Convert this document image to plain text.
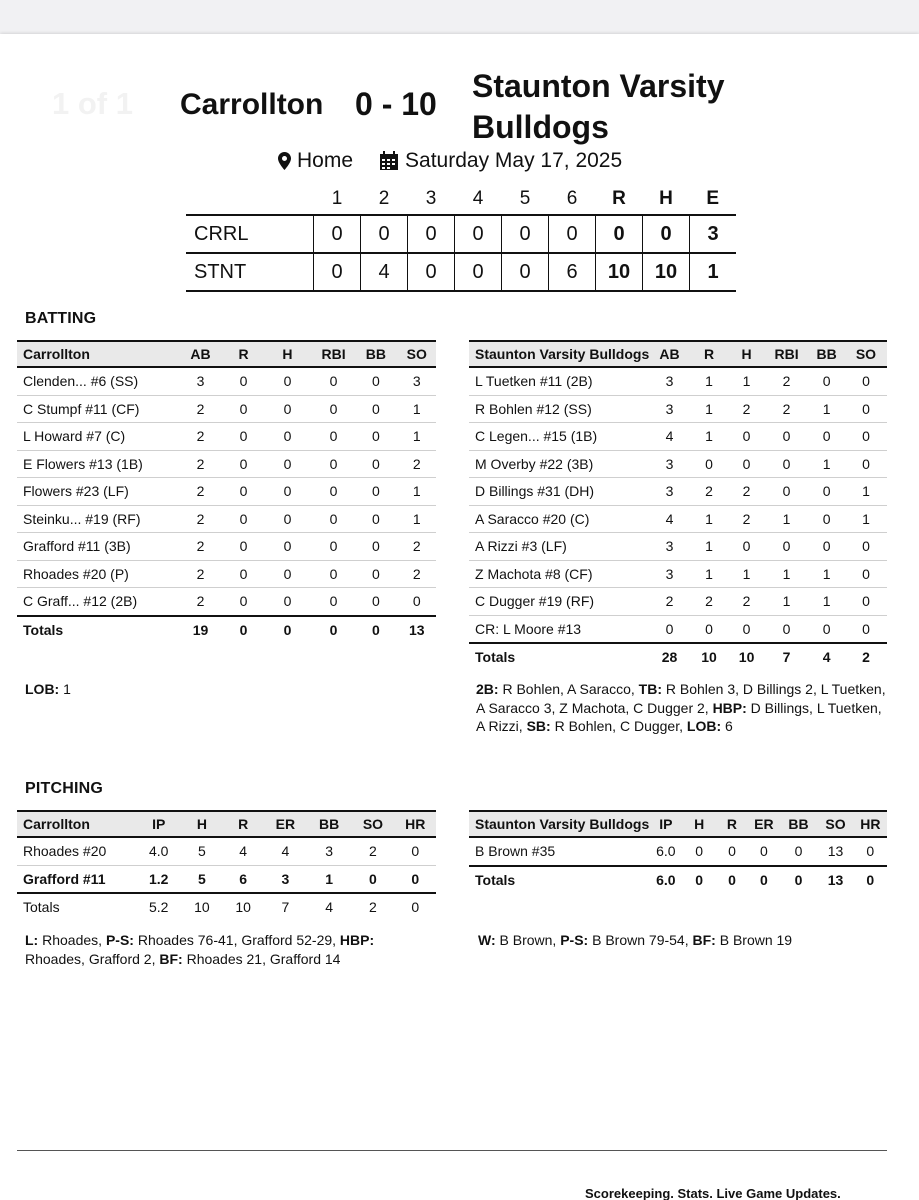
1 of 1 Carrollton 0 - 10 Staunton Varsity Bulldogs
Home Saturday May 17, 2025
	1	2	3	4	5	6	R	H	E
CRRL	0	0	0	0	0	0	0	0	3
STNT	0	4	0	0	0	6	10	10	1
BATTING
Carrollton	AB	R	H	RBI	BB	SO
Clenden... #6 (SS)	3	0	0	0	0	3
C Stumpf #11 (CF)	2	0	0	0	0	1
L Howard #7 (C)	2	0	0	0	0	1
E Flowers #13 (1B)	2	0	0	0	0	2
Flowers #23 (LF)	2	0	0	0	0	1
Steinku... #19 (RF)	2	0	0	0	0	1
Grafford #11 (3B)	2	0	0	0	0	2
Rhoades #20 (P)	2	0	0	0	0	2
C Graff... #12 (2B)	2	0	0	0	0	0
Totals	19	0	0	0	0	13
Staunton Varsity Bulldogs	AB	R	H	RBI	BB	SO
L Tuetken #11 (2B)	3	1	1	2	0	0
R Bohlen #12 (SS)	3	1	2	2	1	0
C Legen... #15 (1B)	4	1	0	0	0	0
M Overby #22 (3B)	3	0	0	0	1	0
D Billings #31 (DH)	3	2	2	0	0	1
A Saracco #20 (C)	4	1	2	1	0	1
A Rizzi #3 (LF)	3	1	0	0	0	0
Z Machota #8 (CF)	3	1	1	1	1	0
C Dugger #19 (RF)	2	2	2	1	1	0
CR: L Moore #13	0	0	0	0	0	0
Totals	28	10	10	7	4	2
LOB: 1	2B: R Bohlen, A Saracco, TB: R Bohlen 3, D Billings 2, L Tuetken, A Saracco 3, Z Machota, C Dugger 2, HBP: D Billings, L Tuetken, A Rizzi, SB: R Bohlen, C Dugger, LOB: 6
PITCHING
Carrollton	IP	H	R	ER	BB	SO	HR
Rhoades #20	4.0	5	4	4	3	2	0
Grafford #11	1.2	5	6	3	1	0	0
Totals	5.2	10	10	7	4	2	0
Staunton Varsity Bulldogs	IP	H	R	ER	BB	SO	HR
B Brown #35	6.0	0	0	0	0	13	0
Totals	6.0	0	0	0	0	13	0
L: Rhoades, P-S: Rhoades 76-41, Grafford 52-29, HBP: Rhoades, Grafford 2, BF: Rhoades 21, Grafford 14
W: B Brown, P-S: B Brown 79-54, BF: B Brown 19
Scorekeeping. Stats. Live Game Updates.
